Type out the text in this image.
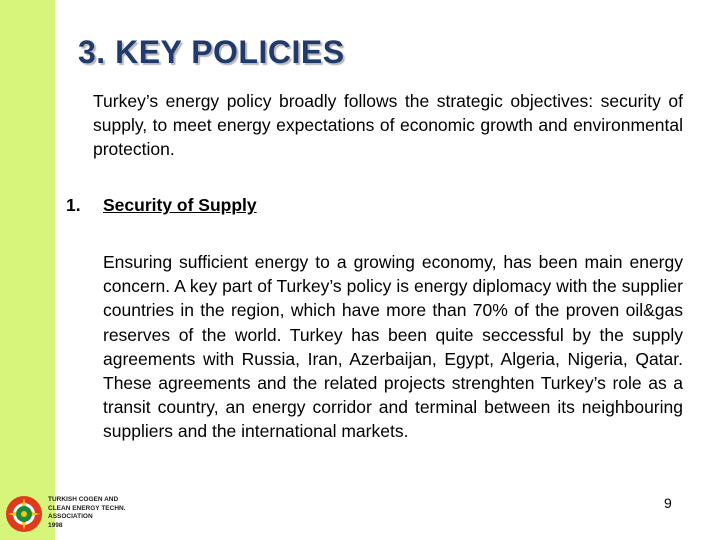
3. KEY POLICIES

Turkey’s energy policy broadly follows the strategic objectives: security of supply, to meet energy expectations of economic growth and environmental protection.

1. Security of Supply

Ensuring sufficient energy to a growing economy, has been main energy concern. A key part of Turkey’s policy is energy diplomacy with the supplier countries in the region, which have more than 70% of the proven oil&gas reserves of the world. Turkey has been quite seccessful by the supply agreements with Russia, Iran, Azerbaijan, Egypt, Algeria, Nigeria, Qatar. These agreements and the related projects strenghten Turkey’s role as a transit country, an energy corridor and terminal between its neighbouring suppliers and the international markets.

TURKISH COGEN AND
CLEAN ENERGY TECHN.
ASSOCIATION
1998
9
